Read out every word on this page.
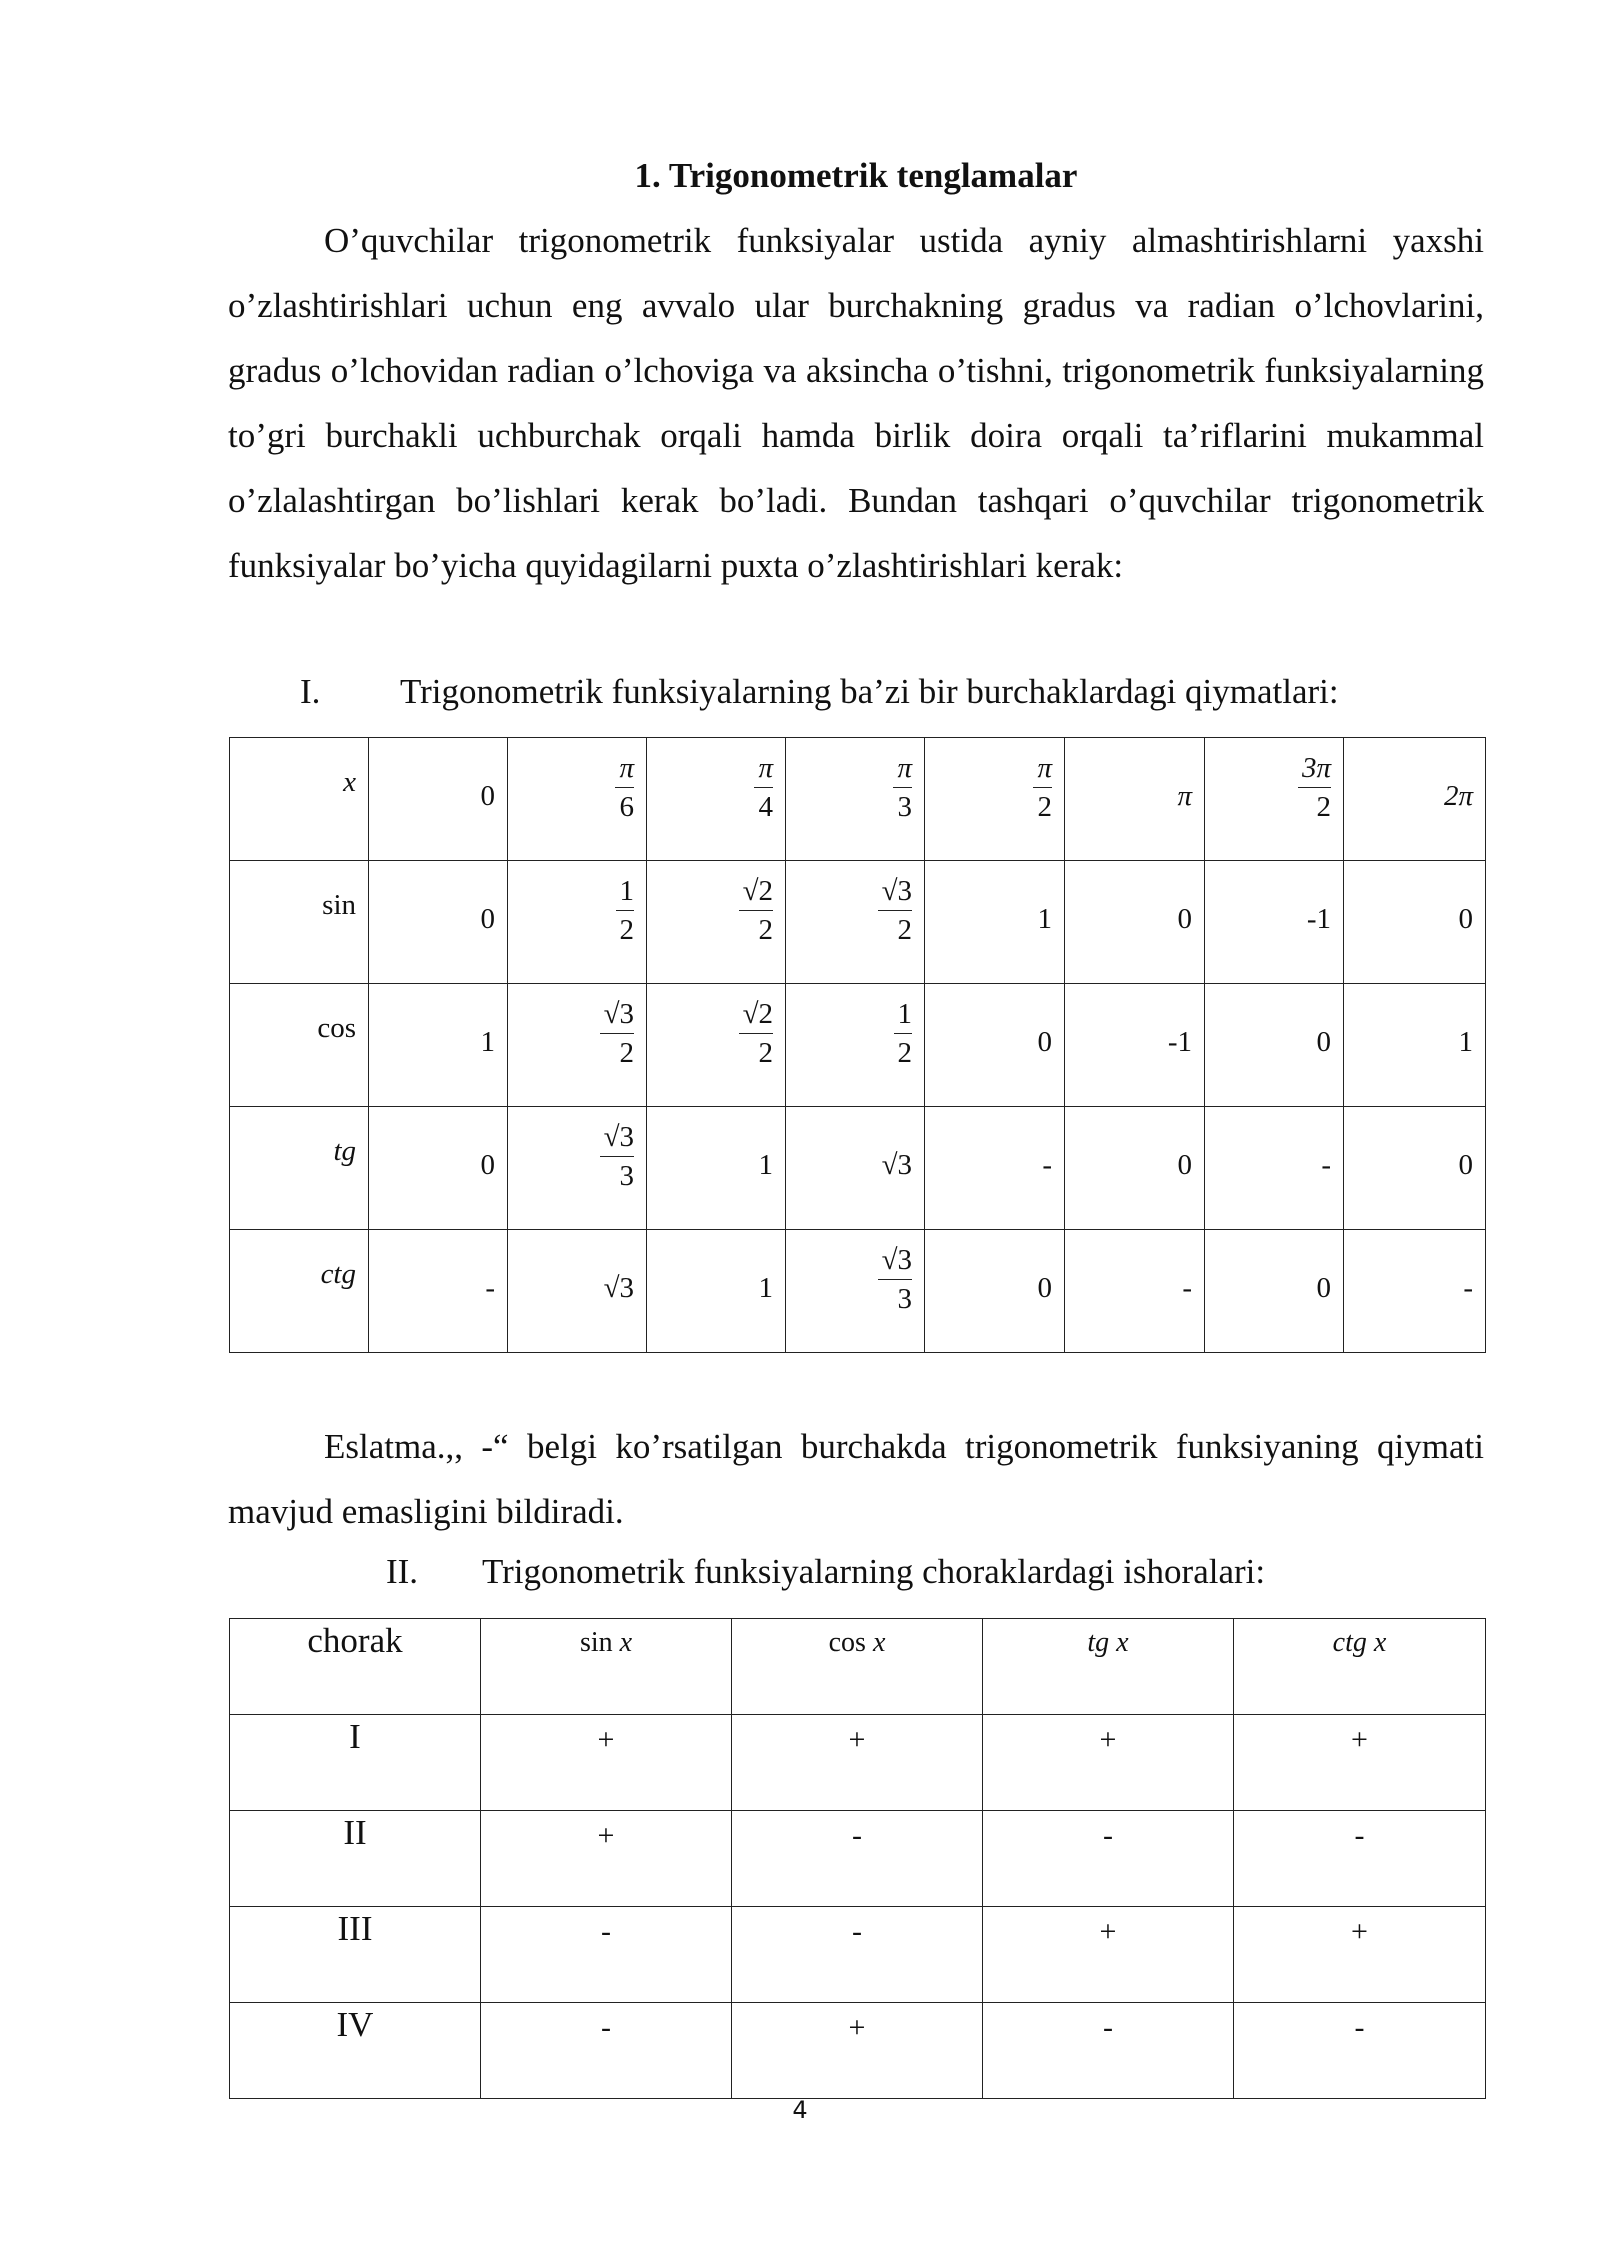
1. Trigonometrik tenglamalar

O’quvchilar trigonometrik funksiyalar ustida ayniy almashtirishlarni yaxshi o’zlashtirishlari uchun eng avvalo ular burchakning gradus va radian o’lchovlarini, gradus o’lchovidan radian o’lchoviga va aksincha o’tishni, trigonometrik funksiyalarning to’gri burchakli uchburchak orqali hamda birlik doira orqali ta’riflarini mukammal o’zlalashtirgan bo’lishlari kerak bo’ladi. Bundan tashqari o’quvchilar trigonometrik funksiyalar bo’yicha quyidagilarni puxta o’zlashtirishlari kerak:

I. Trigonometrik funksiyalarning ba’zi bir burchaklardagi qiymatlari:
x	0	$\frac{\pi}{6}$	$\frac{\pi}{4}$	$\frac{\pi}{3}$	$\frac{\pi}{2}$	π	$\frac{3\pi}{2}$	2π

sin	0	$\frac{1}{2}$	$\frac{√2}{2}$	$\frac{√3}{2}$	1	0	-1	0

cos	1	$\frac{√3}{2}$	$\frac{√2}{2}$	$\frac{1}{2}$	0	-1	0	1

tg	0	$\frac{√3}{3}$	1	√3	-	0	-	0

ctg	-	√3	1	$\frac{√3}{3}$	0	-	0	-

Eslatma.,, -“ belgi ko’rsatilgan burchakda trigonometrik funksiyaning qiymati mavjud emasligini bildiradi.

II. Trigonometrik funksiyalarning choraklardagi ishoralari:
chorak	sin x	cos x	tg x	ctg x
I	+	+	+	+
II	+	-	-	-
III	-	-	+	+
IV	-	+	-	-
4
